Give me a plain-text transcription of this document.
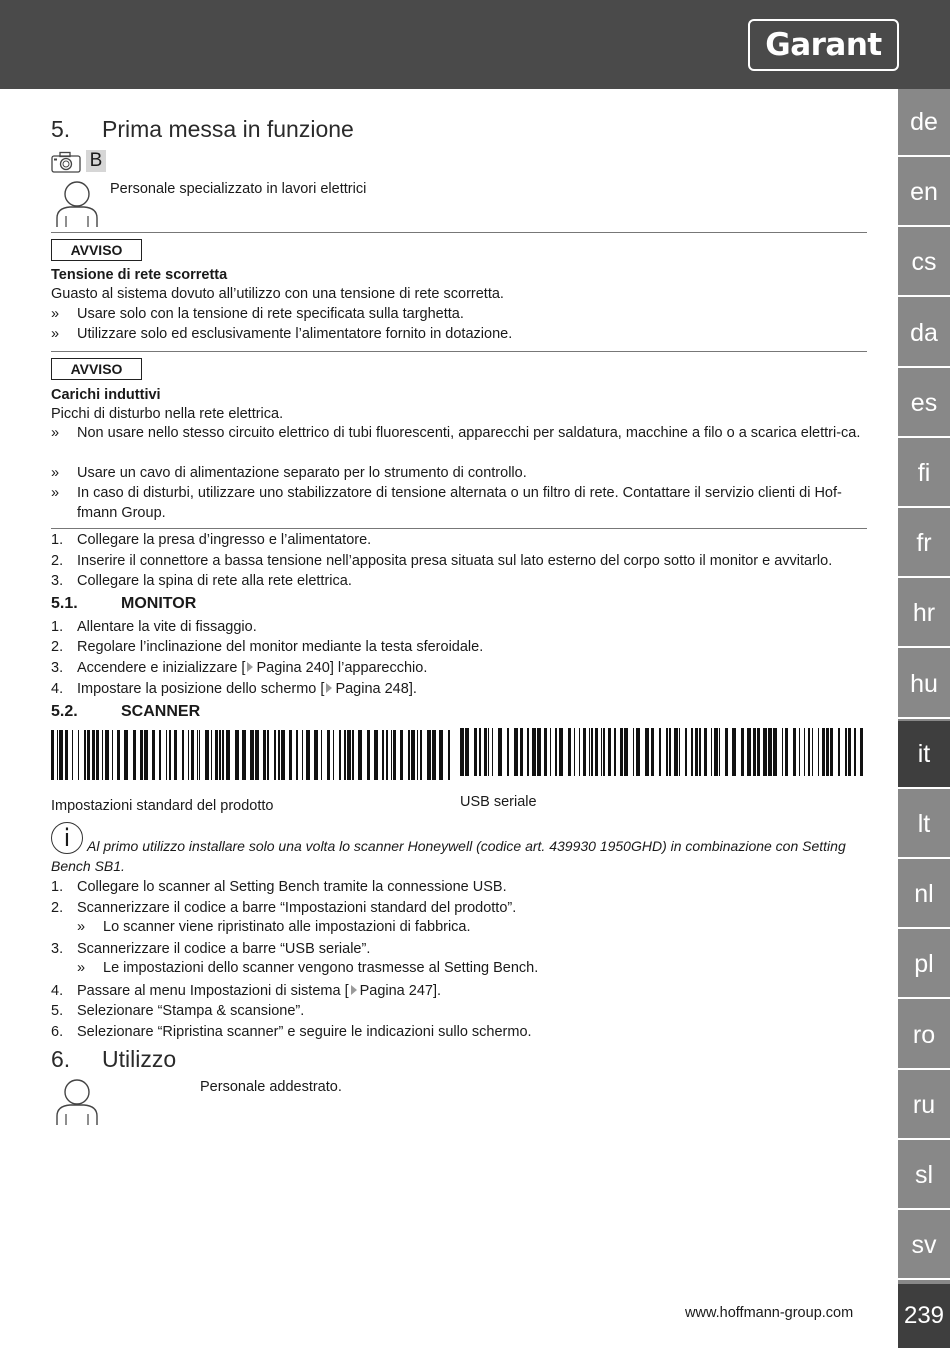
Garant
de
en
cs
da
es
fi
fr
hr
hu
it
lt
nl
pl
ro
ru
sl
sv
239
5. Prima messa in funzione
B
Personale specializzato in lavori elettrici
AVVISO
Tensione di rete scorretta
Guasto al sistema dovuto all’utilizzo con una tensione di rete scorretta.
» Usare solo con la tensione di rete specificata sulla targhetta.
» Utilizzare solo ed esclusivamente l’alimentatore fornito in dotazione.
AVVISO
Carichi induttivi
Picchi di disturbo nella rete elettrica.
» Non usare nello stesso circuito elettrico di tubi fluorescenti, apparecchi per saldatura, macchine a filo o a scarica elettri-ca.
» Usare un cavo di alimentazione separato per lo strumento di controllo.
» In caso di disturbi, utilizzare uno stabilizzatore di tensione alternata o un filtro di rete. Contattare il servizio clienti di Hof-fmann Group.
1. Collegare la presa d’ingresso e l’alimentatore.
2. Inserire il connettore a bassa tensione nell’apposita presa situata sul lato esterno del corpo sotto il monitor e avvitarlo.
3. Collegare la spina di rete alla rete elettrica.
5.1.	MONITOR
1. Allentare la vite di fissaggio.
2. Regolare l’inclinazione del monitor mediante la testa sferoidale.
3. Accendere e inizializzare [ Pagina 240] l’apparecchio.
4. Impostare la posizione dello schermo [ Pagina 248].
5.2.	SCANNER
Impostazioni standard del prodotto	USB seriale
i	Al primo utilizzo installare solo una volta lo scanner Honeywell (codice art. 439930 1950GHD) in combinazione con Setting Bench SB1.
1. Collegare lo scanner al Setting Bench tramite la connessione USB.
2. Scannerizzare il codice a barre “Impostazioni standard del prodotto”.
» Lo scanner viene ripristinato alle impostazioni di fabbrica.
3. Scannerizzare il codice a barre “USB seriale”.
» Le impostazioni dello scanner vengono trasmesse al Setting Bench.
4. Passare al menu Impostazioni di sistema [ Pagina 247].
5. Selezionare “Stampa & scansione”.
6. Selezionare “Ripristina scanner” e seguire le indicazioni sullo schermo.
6. Utilizzo
Personale addestrato.
www.hoffmann-group.com
